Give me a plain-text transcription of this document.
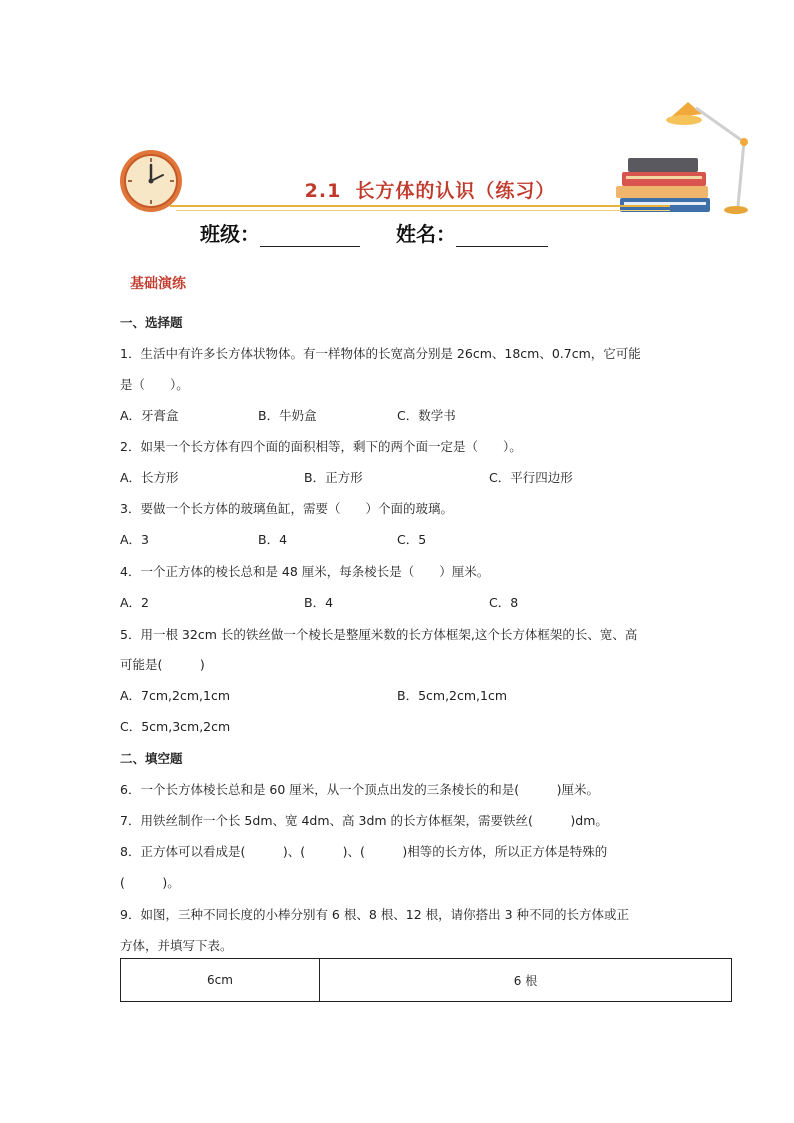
2.1 长方体的认识（练习）
班级：	姓名：
基础演练
一、选择题
1．生活中有许多长方体状物体。有一样物体的长宽高分别是 26cm、18cm、0.7cm，它可能
是（　　）。
A．牙膏盒	B．牛奶盒	C．数学书
2．如果一个长方体有四个面的面积相等，剩下的两个面一定是（　　）。
A．长方形	B．正方形	C．平行四边形
3．要做一个长方体的玻璃鱼缸，需要（　　）个面的玻璃。
A．3	B．4	C．5
4．一个正方体的棱长总和是 48 厘米，每条棱长是（　　）厘米。
A．2	B．4	C．8
5．用一根 32cm 长的铁丝做一个棱长是整厘米数的长方体框架,这个长方体框架的长、宽、高
可能是(　　　)
A．7cm,2cm,1cm	B．5cm,2cm,1cm
C．5cm,3cm,2cm
二、填空题
6．一个长方体棱长总和是 60 厘米，从一个顶点出发的三条棱长的和是(　　　)厘米。
7．用铁丝制作一个长 5dm、宽 4dm、高 3dm 的长方体框架，需要铁丝(　　　)dm。
8．正方体可以看成是(　　　)、(　　　)、(　　　)相等的长方体，所以正方体是特殊的
(　　　)。
9．如图，三种不同长度的小棒分别有 6 根、8 根、12 根，请你搭出 3 种不同的长方体或正
方体，并填写下表。
6cm	6 根
